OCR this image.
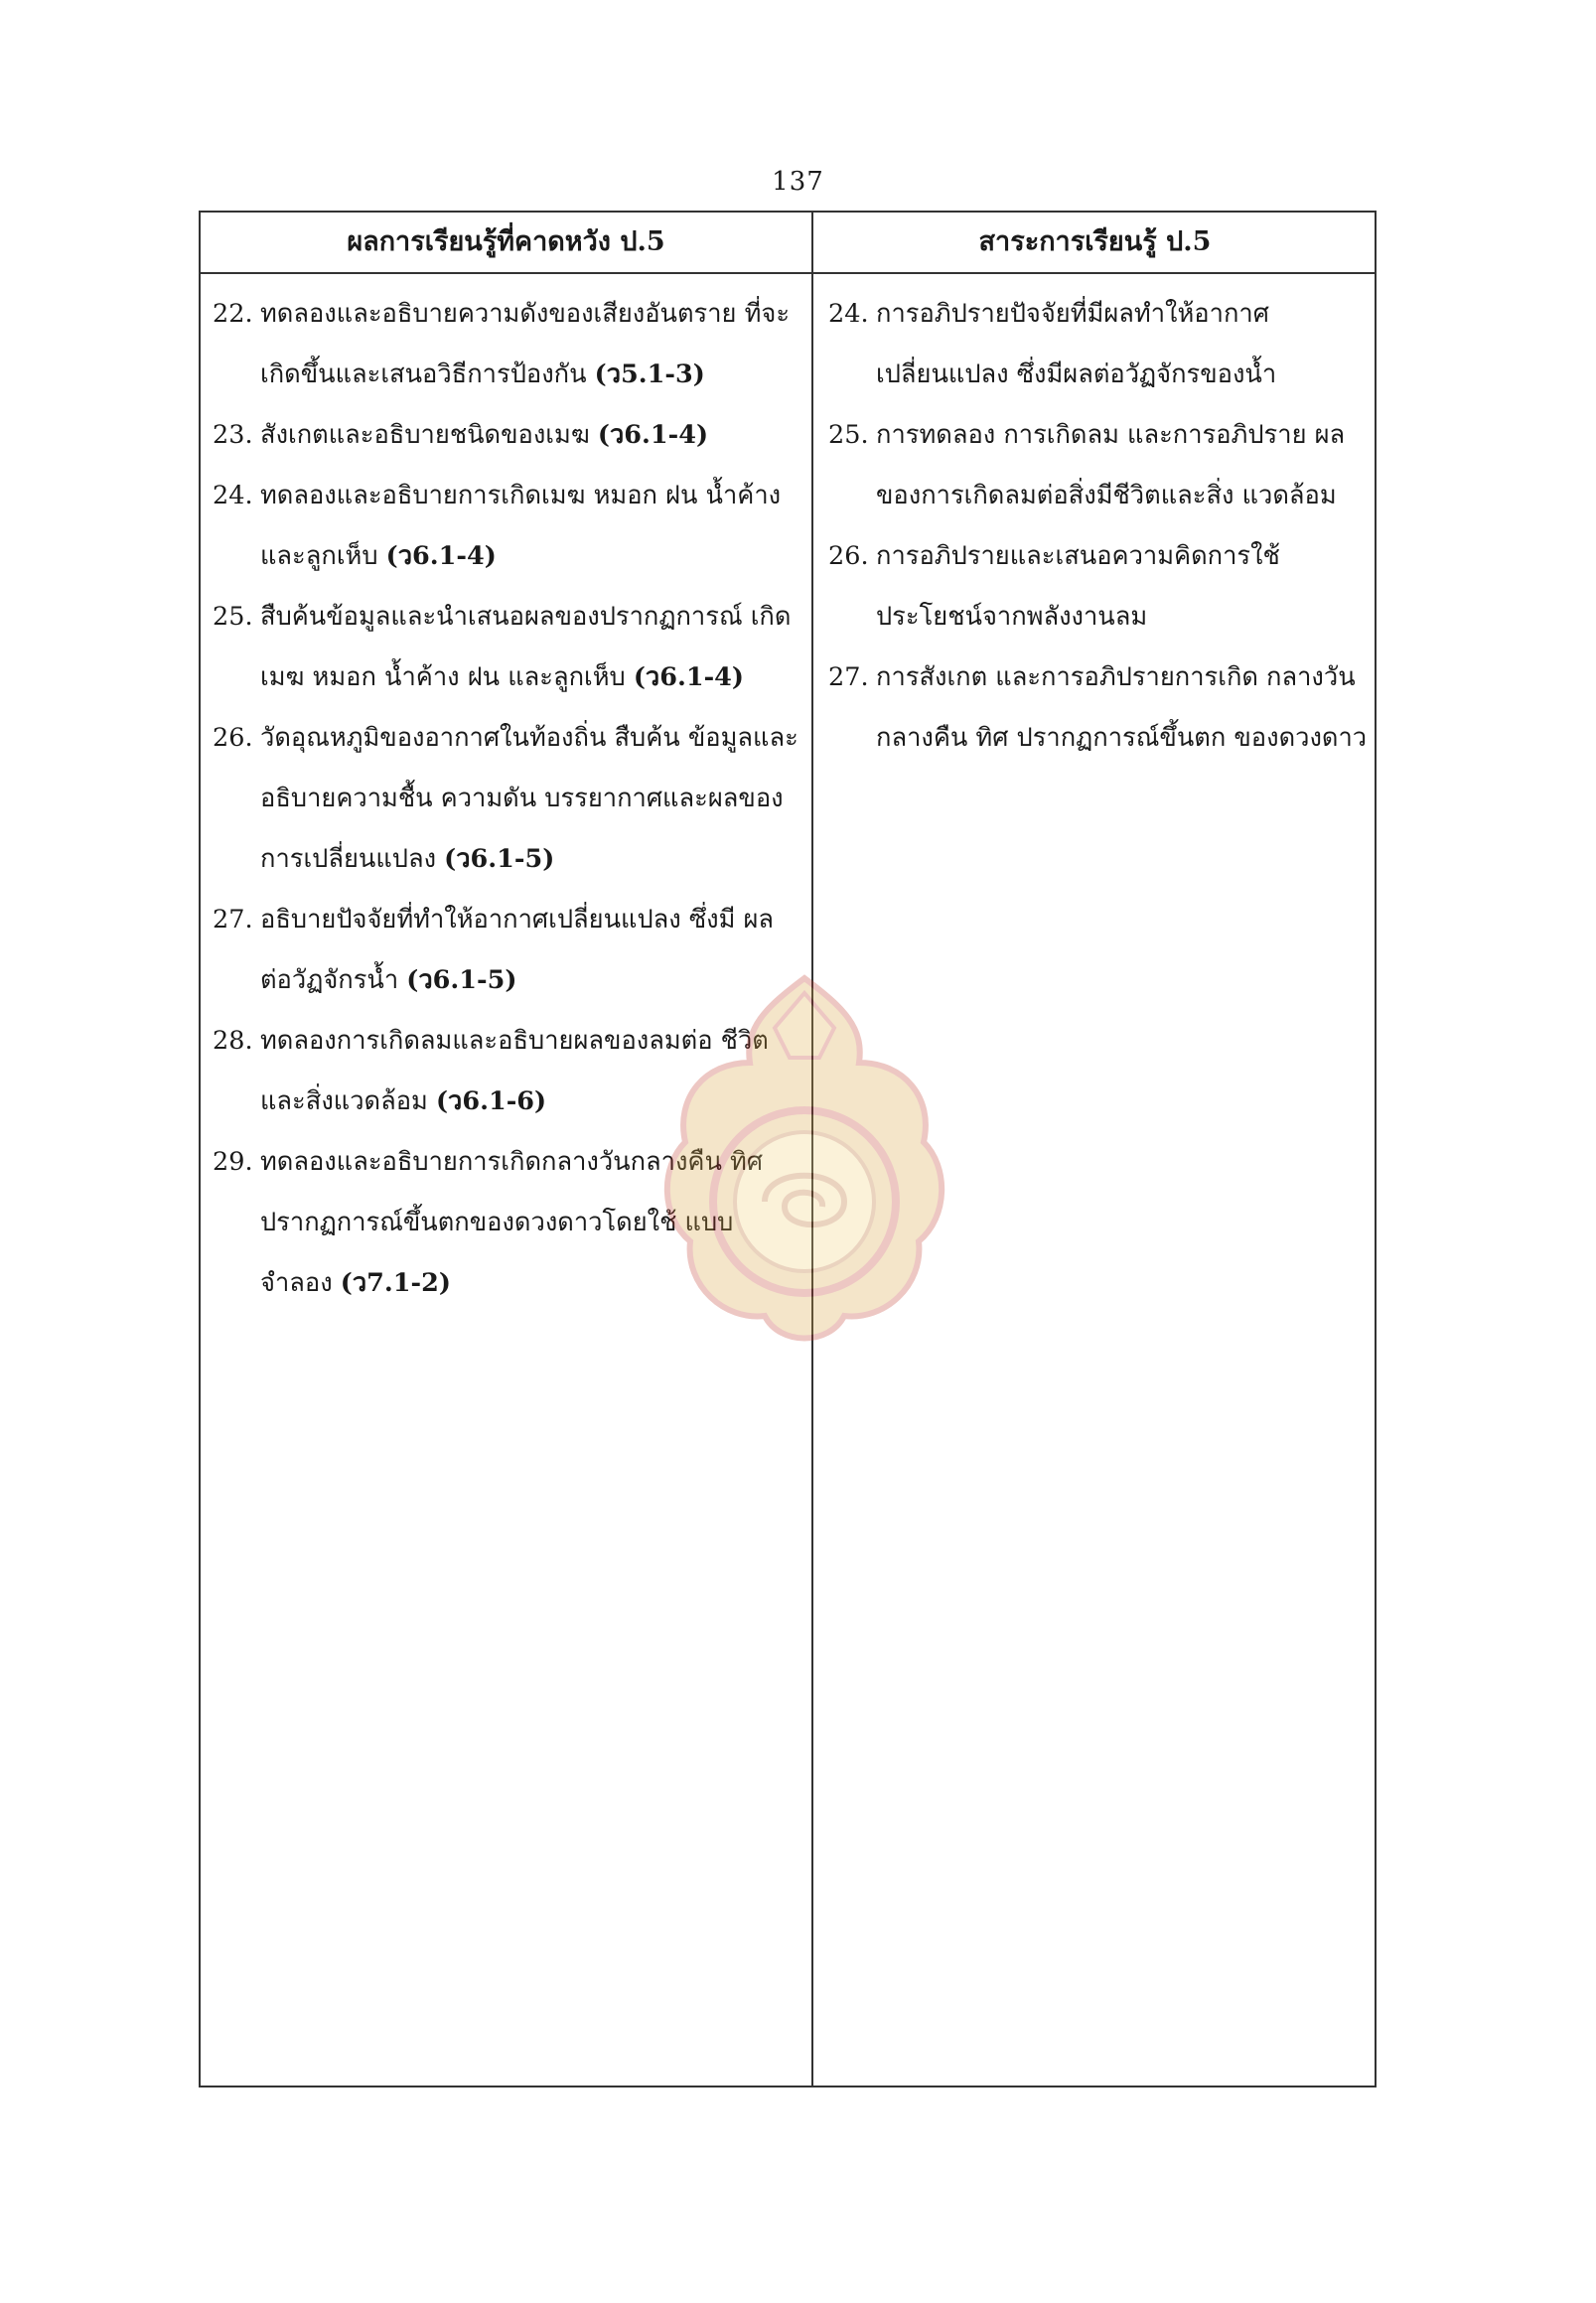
137
ผลการเรียนรู้ที่คาดหวัง ป.5	สาระการเรียนรู้ ป.5
22. ทดลองและอธิบายความดังของเสียงอันตราย ที่จะเกิดขึ้นและเสนอวิธีการป้องกัน (ว5.1-3)
23. สังเกตและอธิบายชนิดของเมฆ (ว6.1-4)
24. ทดลองและอธิบายการเกิดเมฆ หมอก ฝน น้ำค้าง และลูกเห็บ (ว6.1-4)
25. สืบค้นข้อมูลและนำเสนอผลของปรากฏการณ์ เกิดเมฆ หมอก น้ำค้าง ฝน และลูกเห็บ (ว6.1-4)
26. วัดอุณหภูมิของอากาศในท้องถิ่น สืบค้น ข้อมูลและอธิบายความชื้น ความดัน บรรยากาศและผลของการเปลี่ยนแปลง (ว6.1-5)
27. อธิบายปัจจัยที่ทำให้อากาศเปลี่ยนแปลง ซึ่งมี ผลต่อวัฏจักรน้ำ (ว6.1-5)
28. ทดลองการเกิดลมและอธิบายผลของลมต่อ ชีวิตและสิ่งแวดล้อม (ว6.1-6)
29. ทดลองและอธิบายการเกิดกลางวันกลางคืน ทิศ ปรากฏการณ์ขึ้นตกของดวงดาวโดยใช้ แบบจำลอง (ว7.1-2)
24. การอภิปรายปัจจัยที่มีผลทำให้อากาศ เปลี่ยนแปลง ซึ่งมีผลต่อวัฏจักรของน้ำ
25. การทดลอง การเกิดลม และการอภิปราย ผลของการเกิดลมต่อสิ่งมีชีวิตและสิ่ง แวดล้อม
26. การอภิปรายและเสนอความคิดการใช้ ประโยชน์จากพลังงานลม
27. การสังเกต และการอภิปรายการเกิด กลางวันกลางคืน ทิศ ปรากฏการณ์ขึ้นตก ของดวงดาว
